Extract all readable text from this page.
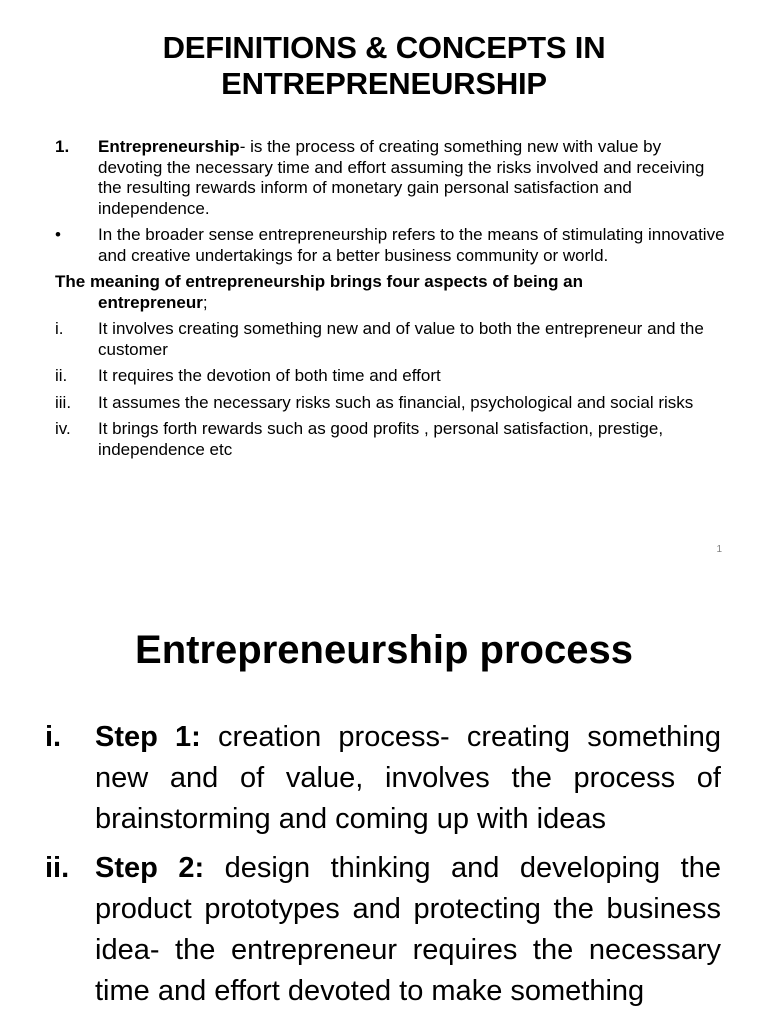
DEFINITIONS & CONCEPTS IN
ENTREPRENEURSHIP
1.	Entrepreneurship- is the process of creating something new with value by devoting the necessary time and effort assuming the risks involved and receiving the resulting rewards inform of monetary gain personal satisfaction and independence.
•	In the broader sense entrepreneurship refers to the means of stimulating innovative and creative undertakings for a better business community or world.
The meaning of entrepreneurship brings four aspects of being an
entrepreneur;
i.	It involves creating something new and of value to both the entrepreneur and the customer
ii.	It requires the devotion of both time and effort
iii.	It assumes the necessary risks such as financial, psychological and social risks
iv.	It brings forth rewards such as good profits , personal satisfaction, prestige, independence etc
1
Entrepreneurship process
i.	Step 1: creation process- creating something new and of value, involves the process of brainstorming and coming up with ideas
ii. Step 2: design thinking and developing the product prototypes and protecting the business idea- the entrepreneur requires the necessary time and effort devoted to make something
